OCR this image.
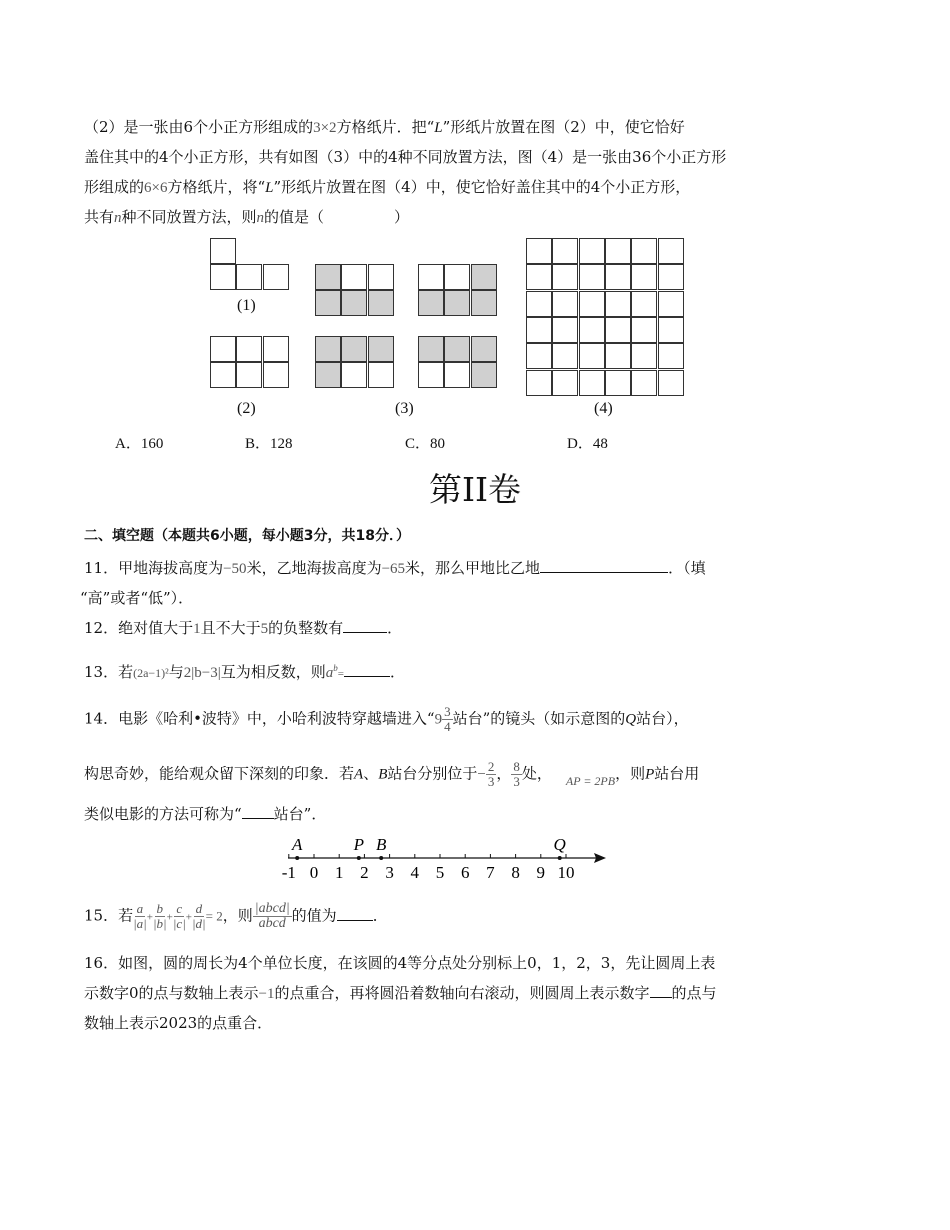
（2）是一张由6个小正方形组成的3×2方格纸片．把“L”形纸片放置在图（2）中，使它恰好
盖住其中的4个小正方形，共有如图（3）中的4种不同放置方法，图（4）是一张由36个小正方形
形组成的6×6方格纸片，将“L”形纸片放置在图（4）中，使它恰好盖住其中的4个小正方形，
共有n种不同放置方法，则n的值是（	）
(1)
(2)	(3)	(4)
A．160	B．128	C．80	D．48
第II卷
二、填空题（本题共6小题，每小题3分，共18分．）
11．甲地海拔高度为−50米，乙地海拔高度为−65米，那么甲地比乙地	．（填
“高”或者“低”）．
12．绝对值大于1且不大于5的负整数有	．
13．若(2a−1)²与2|b−3|互为相反数，则$a^b=$	．
14．电影《哈利•波特》中，小哈利波特穿越墙进入“$9 \frac{3}{4}$ 站台”的镜头（如示意图的Q站台），
构思奇妙，能给观众留下深刻的印象．若A、B站台分别位于− $\frac{2}{3}$ ， $\frac{8}{3}$ 处， $_{AP = 2PB}$，则P站台用
类似电影的方法可称为“ 站台”．
-1 0 1 2 3 4 5 6 7 8 9 10
A	P B	Q
15．若 $\frac{a}{|a|} + \frac{b}{|b|} + \frac{c}{|c|} + \frac{d}{|d|} = 2$，则 $\frac{\text{|abcd|}}{\text{abcd}}$ 的值为 ．
16．如图，圆的周长为4个单位长度，在该圆的4等分点处分别标上0，1，2，3，先让圆周上表
示数字0的点与数轴上表示−1的点重合，再将圆沿着数轴向右滚动，则圆周上表示数字 的点与
数轴上表示2023的点重合．
